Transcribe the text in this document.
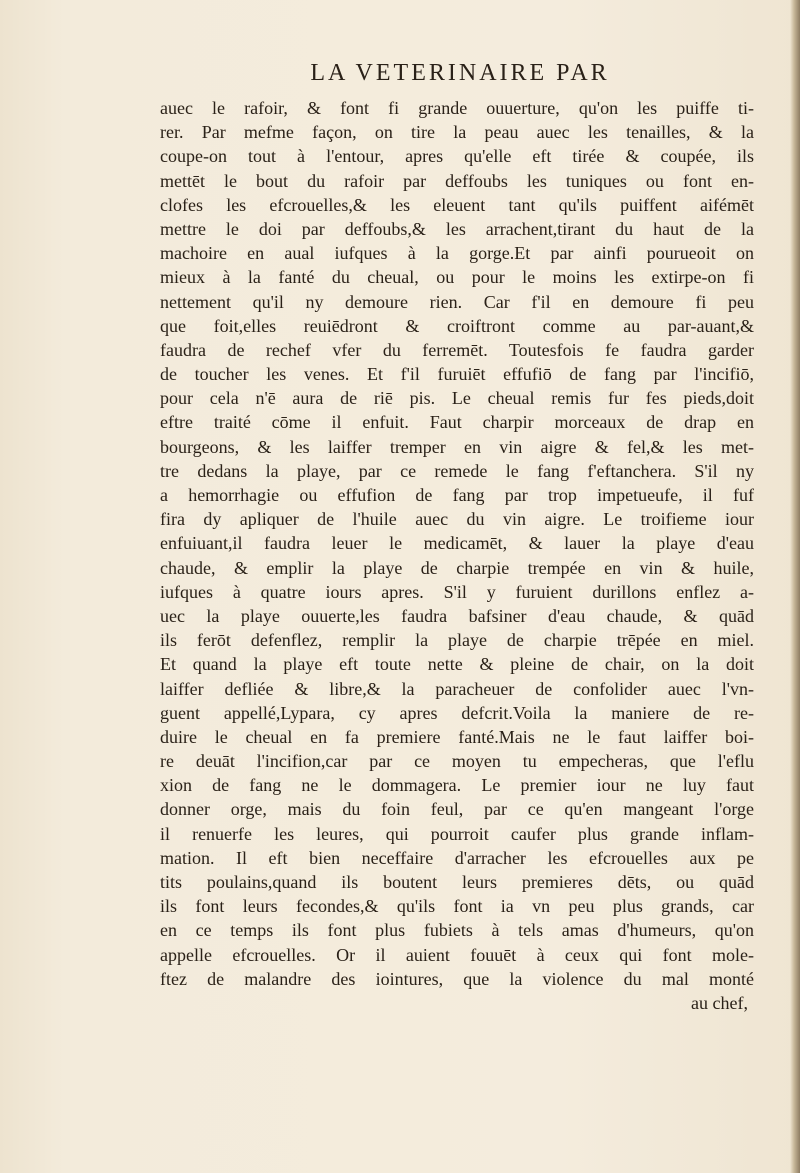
LA VETERINAIRE PAR
auec le rafoir, & font fi grande ouuerture, qu'on les puiffe ti-
rer. Par mefme façon, on tire la peau auec les tenailles, & la
coupe-on tout à l'entour, apres qu'elle eft tirée & coupée, ils
mettēt le bout du rafoir par deffoubs les tuniques ou font en-
clofes les efcrouelles,& les eleuent tant qu'ils puiffent aifémēt
mettre le doi par deffoubs,& les arrachent,tirant du haut de la
machoire en aual iufques à la gorge.Et par ainfi pourueoit on
mieux à la fanté du cheual, ou pour le moins les extirpe-on fi
nettement qu'il ny demoure rien. Car f'il en demoure fi peu
que foit,elles reuiēdront & croiftront comme au par-auant,&
faudra de rechef vfer du ferremēt. Toutesfois fe faudra garder
de toucher les venes. Et f'il furuiēt effufiō de fang par l'incifiō,
pour cela n'ē aura de riē pis. Le cheual remis fur fes pieds,doit
eftre traité cōme il enfuit. Faut charpir morceaux de drap en
bourgeons, & les laiffer tremper en vin aigre & fel,& les met-
tre dedans la playe, par ce remede le fang f'eftanchera. S'il ny
a hemorrhagie ou effufion de fang par trop impetueufe, il fuf
fira dy apliquer de l'huile auec du vin aigre. Le troifieme iour
enfuiuant,il faudra leuer le medicamēt, & lauer la playe d'eau
chaude, & emplir la playe de charpie trempée en vin & huile,
iufques à quatre iours apres. S'il y furuient durillons enflez a-
uec la playe ouuerte,les faudra bafsiner d'eau chaude, & quād
ils ferōt defenflez, remplir la playe de charpie trēpée en miel.
Et quand la playe eft toute nette & pleine de chair, on la doit
laiffer defliée & libre,& la paracheuer de confolider auec l'vn-
guent appellé,Lypara, cy apres defcrit.Voila la maniere de re-
duire le cheual en fa premiere fanté.Mais ne le faut laiffer boi-
re deuāt l'incifion,car par ce moyen tu empecheras, que l'eflu
xion de fang ne le dommagera. Le premier iour ne luy faut
donner orge, mais du foin feul, par ce qu'en mangeant l'orge
il renuerfe les leures, qui pourroit caufer plus grande inflam-
mation. Il eft bien neceffaire d'arracher les efcrouelles aux pe
tits poulains,quand ils boutent leurs premieres dēts, ou quād
ils font leurs fecondes,& qu'ils font ia vn peu plus grands, car
en ce temps ils font plus fubiets à tels amas d'humeurs, qu'on
appelle efcrouelles. Or il auient fouuēt à ceux qui font mole-
ftez de malandre des iointures, que la violence du mal monté
au chef,
